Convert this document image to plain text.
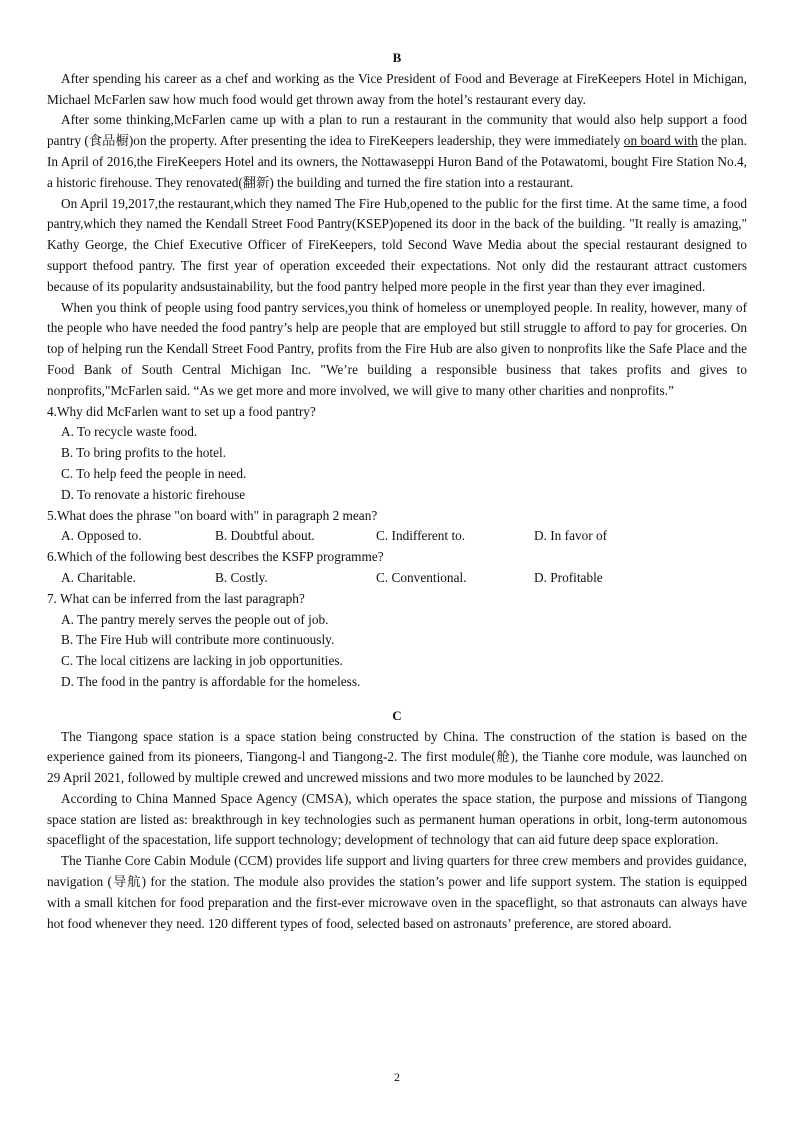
B

After spending his career as a chef and working as the Vice President of Food and Beverage at FireKeepers Hotel in Michigan, Michael McFarlen saw how much food would get thrown away from the hotel’s restaurant every day.

After some thinking,McFarlen came up with a plan to run a restaurant in the community that would also help support a food pantry (食品橱)on the property. After presenting the idea to FireKeepers leadership, they were immediately on board with the plan. In April of 2016,the FireKeepers Hotel and its owners, the Nottawaseppi Huron Band of the Potawatomi, bought Fire Station No.4, a historic firehouse. They renovated(翻新) the building and turned the fire station into a restaurant.

On April 19,2017,the restaurant,which they named The Fire Hub,opened to the public for the first time. At the same time, a food pantry,which they named the Kendall Street Food Pantry(KSEP)opened its door in the back of the building. "It really is amazing," Kathy George, the Chief Executive Officer of FireKeepers, told Second Wave Media about the special restaurant designed to support thefood pantry. The first year of operation exceeded their expectations. Not only did the restaurant attract customers because of its popularity andsustainability, but the food pantry helped more people in the first year than they ever imagined.

When you think of people using food pantry services,you think of homeless or unemployed people. In reality, however, many of the people who have needed the food pantry’s help are people that are employed but still struggle to afford to pay for groceries. On top of helping run the Kendall Street Food Pantry, profits from the Fire Hub are also given to nonprofits like the Safe Place and the Food Bank of South Central Michigan Inc. "We’re building a responsible business that takes profits and gives to nonprofits,"McFarlen said. “As we get more and more involved, we will give to many other charities and nonprofits.”

4.Why did McFarlen want to set up a food pantry?
A. To recycle waste food.
B. To bring profits to the hotel.
C. To help feed the people in need.
D. To renovate a historic firehouse
5.What does the phrase "on board with" in paragraph 2 mean?
A. Opposed to.	B. Doubtful about.	C. Indifferent to.	D. In favor of
6.Which of the following best describes the KSFP programme?
A. Charitable.	B. Costly.	C. Conventional.	D. Profitable
7. What can be inferred from the last paragraph?
A. The pantry merely serves the people out of job.
B. The Fire Hub will contribute more continuously.
C. The local citizens are lacking in job opportunities.
D. The food in the pantry is affordable for the homeless.
C

The Tiangong space station is a space station being constructed by China. The construction of the station is based on the experience gained from its pioneers, Tiangong-l and Tiangong-2. The first module(舱), the Tianhe core module, was launched on 29 April 2021, followed by multiple crewed and uncrewed missions and two more modules to be launched by 2022.

According to China Manned Space Agency (CMSA), which operates the space station, the purpose and missions of Tiangong space station are listed as: breakthrough in key technologies such as permanent human operations in orbit, long-term autonomous spaceflight of the spacestation, life support technology; development of technology that can aid future deep space exploration.

The Tianhe Core Cabin Module (CCM) provides life support and living quarters for three crew members and provides guidance, navigation (导航) for the station. The module also provides the station’s power and life support system. The station is equipped with a small kitchen for food preparation and the first-ever microwave oven in the spaceflight, so that astronauts can always have hot food whenever they need. 120 different types of food, selected based on astronauts’ preference, are stored aboard.

2
